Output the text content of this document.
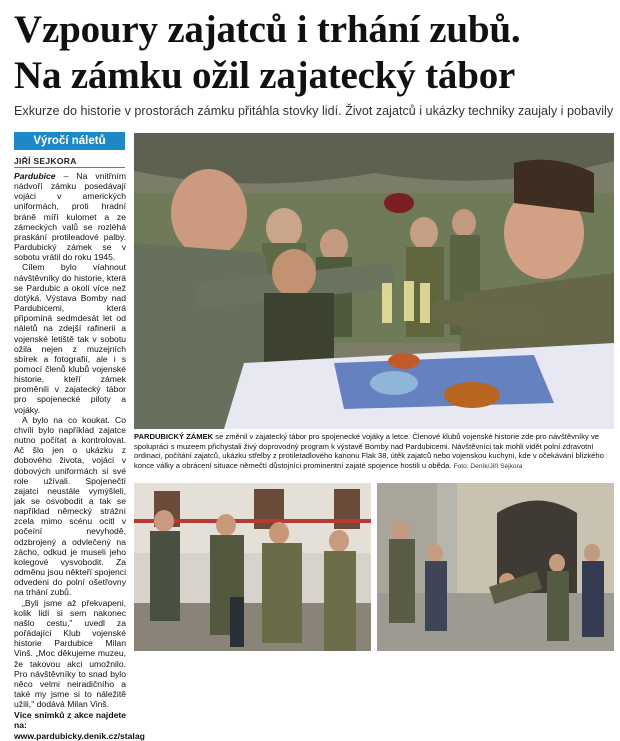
Vzpoury zajatců i trhání zubů.
Na zámku ožil zajatecký tábor
Exkurze do historie v prostorách zámku přitáhla stovky lidí. Život zajatců i ukázky techniky zaujaly i pobavily
Výročí náletů
JIŘÍ SEJKORA

Pardubice – Na vnitřním nádvoří zámku posedávají vojáci v amerických uniformách, proti hradní bráně míří kulomet a ze zámeckých valů se rozléhá praskání protileadové palby. Pardubický zámek se v sobotu vrátil do roku 1945.

Cílem bylo víahnout návštěvníky do historie, která se Pardubic a okolí více než dotýká. Výstava Bomby nad Pardubicemi, která připomíná sedmdesát let od náletů na zdejší rafinerii a vojenské letiště tak v sobotu ožila nejen z muzejních sbírek a fotografií, ale i s pomocí členů klubů vojenské historie, kteří zámek proměnili v zajatecký tábor pro spojenecké piloty a vojáky.

A bylo na co koukat. Co chvíli bylo například zajatce nutno počítat a kontrolovat. Ač šlo jen o ukázku z dobového života, vojáci v dobových uniformách si své role užívali. Spojenečtí zajatci neustále vymýšleli, jak se osvobodit a tak se například německý strážní zcela mimo scénu ocitl v počeíní nevyhodě, odzbrojený a odvlečený na zácho, odkud je museli jeho kolegové vysvobodit. Za odměnu jsou někteří spojenci odvedeni do polní ošetřovny na trhání zubů.

„Byli jsme až překvapeni, kolik lidí si sem nakonec našlo cestu," uvedl za pořádající Klub vojenské historie Pardubice Milan Vinš. „Moc děkujeme muzeu, že takovou akci umožnilo. Pro návštěvníky to snad bylo něco velmi neiradičního a také my jsme si to náležitě užili," dodává Milan Vinš.

Více snímků z akce najdete na: www.pardubicky.denik.cz/stalag

PARDUBICKÝ ZÁMEK se změnil v zajatecký tábor pro spojenecké vojáky a letce. Členové klubů vojenské historie zde pro návštěvníky ve spolupráci s muzeem přichystali živý doprovodný program k výstavě Bomby nad Pardubicemi. Návštěvníci tak mohli vidět polní zdravotní ordinaci, počítání zajatců, ukázku střelby z protiletadlového kanonu Flak 38, útěk zajatců nebo vojenskou kuchyni, kde v očekávání blízkého konce války a obrácení situace němečtí důstojníci prominentní zajaté spojence hostili u oběda. Foto: Deník/Jiří Sejkora
